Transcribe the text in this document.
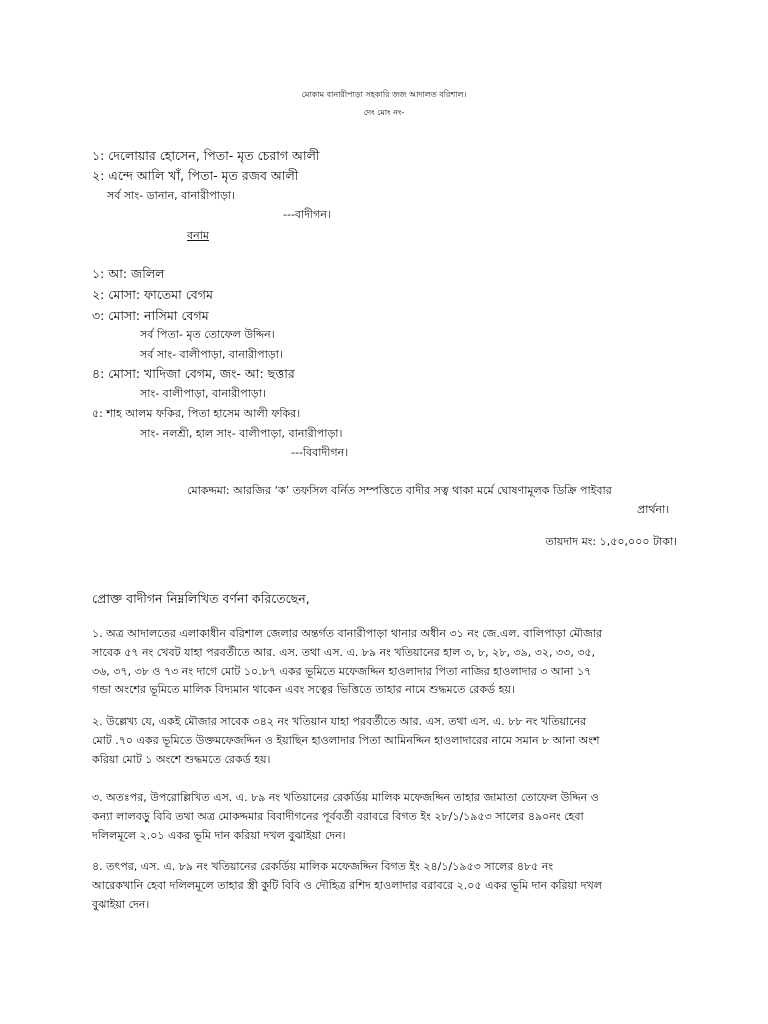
মোকাম বানারীপাড়া সহকারি জজ আদালত বরিশাল।
দেং মোং নং-
১: দেলোয়ার হোসেন, পিতা- মৃত চেরাগ আলী
২: এন্দে আলি খাঁ, পিতা- মৃত রজব আলী
সর্ব সাং- ডানান, বানারীপাড়া।
---বাদীগন।
বনাম
১: আ: জলিল
২: মোসা: ফাতেমা বেগম
৩: মোসা: নাসিমা বেগম
সর্ব পিতা- মৃত তোফেল উদ্দিন।
সর্ব সাং- বালীপাড়া, বানারীপাড়া।
৪: মোসা: খাদিজা বেগম, জং- আ: ছত্তার
সাং- বালীপাড়া, বানারীপাড়া।
৫: শাহ আলম ফকির, পিতা হাসেম আলী ফকির।
সাং- নলশ্রী, হাল সাং- বালীপাড়া, বানারীপাড়া।
---বিবাদীগন।
মোকদ্দমা: আরজির ‘ক’ তফসিল বর্নিত সম্পত্তিতে বাদীর সত্ব থাকা মর্মে ঘোষণামূলক ডিক্রি পাইবার
প্রার্থনা।
তায়দাদ মং: ১,৫০,০০০ টাকা।
প্রোক্ত বাদীগন নিম্নলিখিত বর্ণনা করিতেছেন,
১. অত্র আদালতের এলাকাধীন বরিশাল জেলার অন্তর্গত বানারীপাড়া থানার অধীন ৩১ নং জে.এল. বালিপাড়া মৌজার
সাবেক ৫৭ নং খেবট যাহা পরবর্তীতে আর. এস. তথা এস. এ. ৮৯ নং খতিয়ানের হাল ৩, ৮, ২৮, ৩৯, ৩২, ৩৩, ৩৫,
৩৬, ৩৭, ৩৮ ও ৭৩ নং দাগে মোট ১০.৮৭ একর ভূমিতে মফেজদ্দিন হাওলাদার পিতা নাজির হাওলাদার ৩ আনা ১৭
গন্ডা অংশের ভূমিতে মালিক বিদ্যমান থাকেন এবং সত্বের ভিত্তিতে তাহার নামে শুদ্ধমতে রেকর্ড হয়।
২. উল্লেখ্য যে, একই মৌজার সাবেক ৩৪২ নং খতিয়ান যাহা পরবর্তীতে আর. এস. তথা এস. এ. ৮৮ নং খতিয়ানের
মোট .৭০ একর ভূমিতে উক্তমফেজদ্দিন ও ইয়াছিন হাওলাদার পিতা আমিনদ্দিন হাওলাদারের নামে সমান ৮ আনা অংশ
করিয়া মোট ১ অংশে শুদ্ধমতে রেকর্ড হয়।
৩. অতঃপর, উপরোল্লিখিত এস. এ. ৮৯ নং খতিয়ানের রেকর্ডিয় মালিক মফেজদ্দিন তাহার জামাতা তোফেল উদ্দিন ও
কন্যা লালবড়ু বিবি তথা অত্র মোকদ্দমার বিবাদীগনের পূর্ববর্তী বরাবরে বিগত ইং ২৮/১/১৯৫৩ সালের ৪৯০নং হেবা
দলিলমূলে ২.০১ একর ভূমি দান করিয়া দখল বুঝাইয়া দেন।
৪. তৎপর, এস. এ. ৮৯ নং খতিয়ানের রেকর্ডিয় মালিক মফেজদ্দিন বিগত ইং ২৪/১/১৯৫৩ সালের ৪৮৫ নং
আরেকখানি হেবা দলিলমূলে তাহার স্ত্রী কুটি বিবি ও দৌহিত্র রশিদ হাওলাদার বরাবরে ২.০৫ একর ভূমি দান করিয়া দখল
বুঝাইয়া দেন।
